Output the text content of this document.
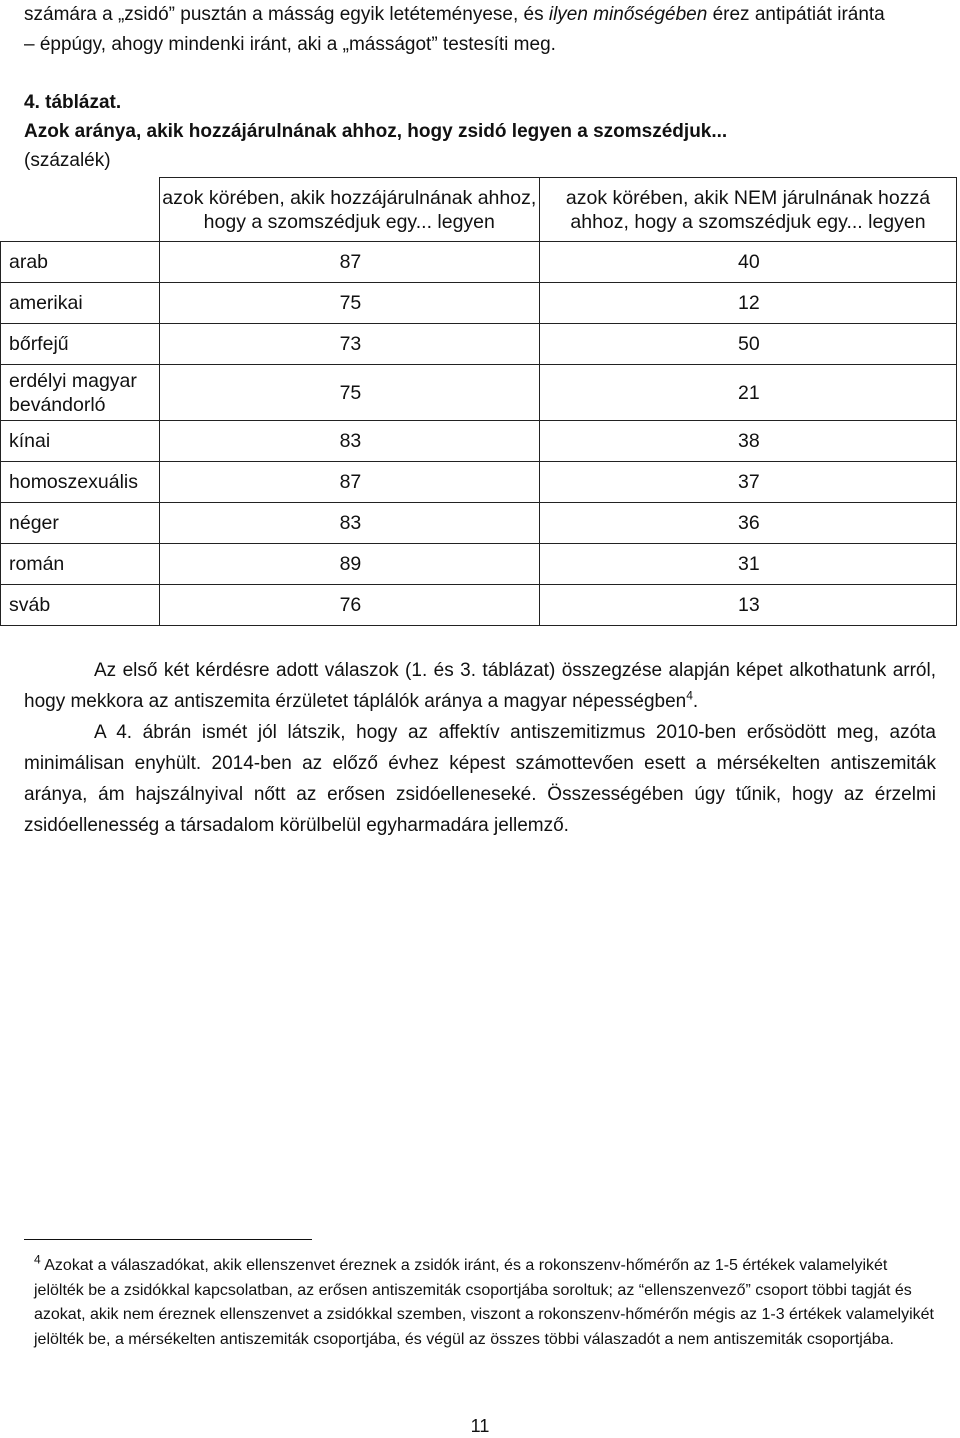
számára a „zsidó” pusztán a másság egyik letéteményese, és ilyen minőségében érez antipátiát iránta

– éppúgy, ahogy mindenki iránt, aki a „másságot” testesíti meg.

4. táblázat.
Azok aránya, akik hozzájárulnának ahhoz, hogy zsidó legyen a szomszédjuk...
(százalék)
	azok körében, akik hozzájárulnának ahhoz, hogy a szomszédjuk egy... legyen	azok körében, akik NEM járulnának hozzá ahhoz, hogy a szomszédjuk egy... legyen
arab	87	40
amerikai	75	12
bőrfejű	73	50
erdélyi magyar bevándorló	75	21
kínai	83	38
homoszexuális	87	37
néger	83	36
román	89	31
sváb	76	13

Az első két kérdésre adott válaszok (1. és 3. táblázat) összegzése alapján képet alkothatunk arról, hogy mekkora az antiszemita érzületet táplálók aránya a magyar népességben$^4$.

A 4. ábrán ismét jól látszik, hogy az affektív antiszemitizmus 2010-ben erősödött meg, azóta minimálisan enyhült. 2014-ben az előző évhez képest számottevően esett a mérsékelten antiszemiták aránya, ám hajszálnyival nőtt az erősen zsidóelleneseké. Összességében úgy tűnik, hogy az érzelmi zsidóellenesség a társadalom körülbelül egyharmadára jellemző.

$^4$ Azokat a válaszadókat, akik ellenszenvet éreznek a zsidók iránt, és a rokonszenv-hőmérőn az 1-5 értékek valamelyikét jelölték be a zsidókkal kapcsolatban, az erősen antiszemiták csoportjába soroltuk; az “ellenszenvező” csoport többi tagját és azokat, akik nem éreznek ellenszenvet a zsidókkal szemben, viszont a rokonszenv-hőmérőn mégis az 1-3 értékek valamelyikét jelölték be, a mérsékelten antiszemiták csoportjába, és végül az összes többi válaszadót a nem antiszemiták csoportjába.

11
